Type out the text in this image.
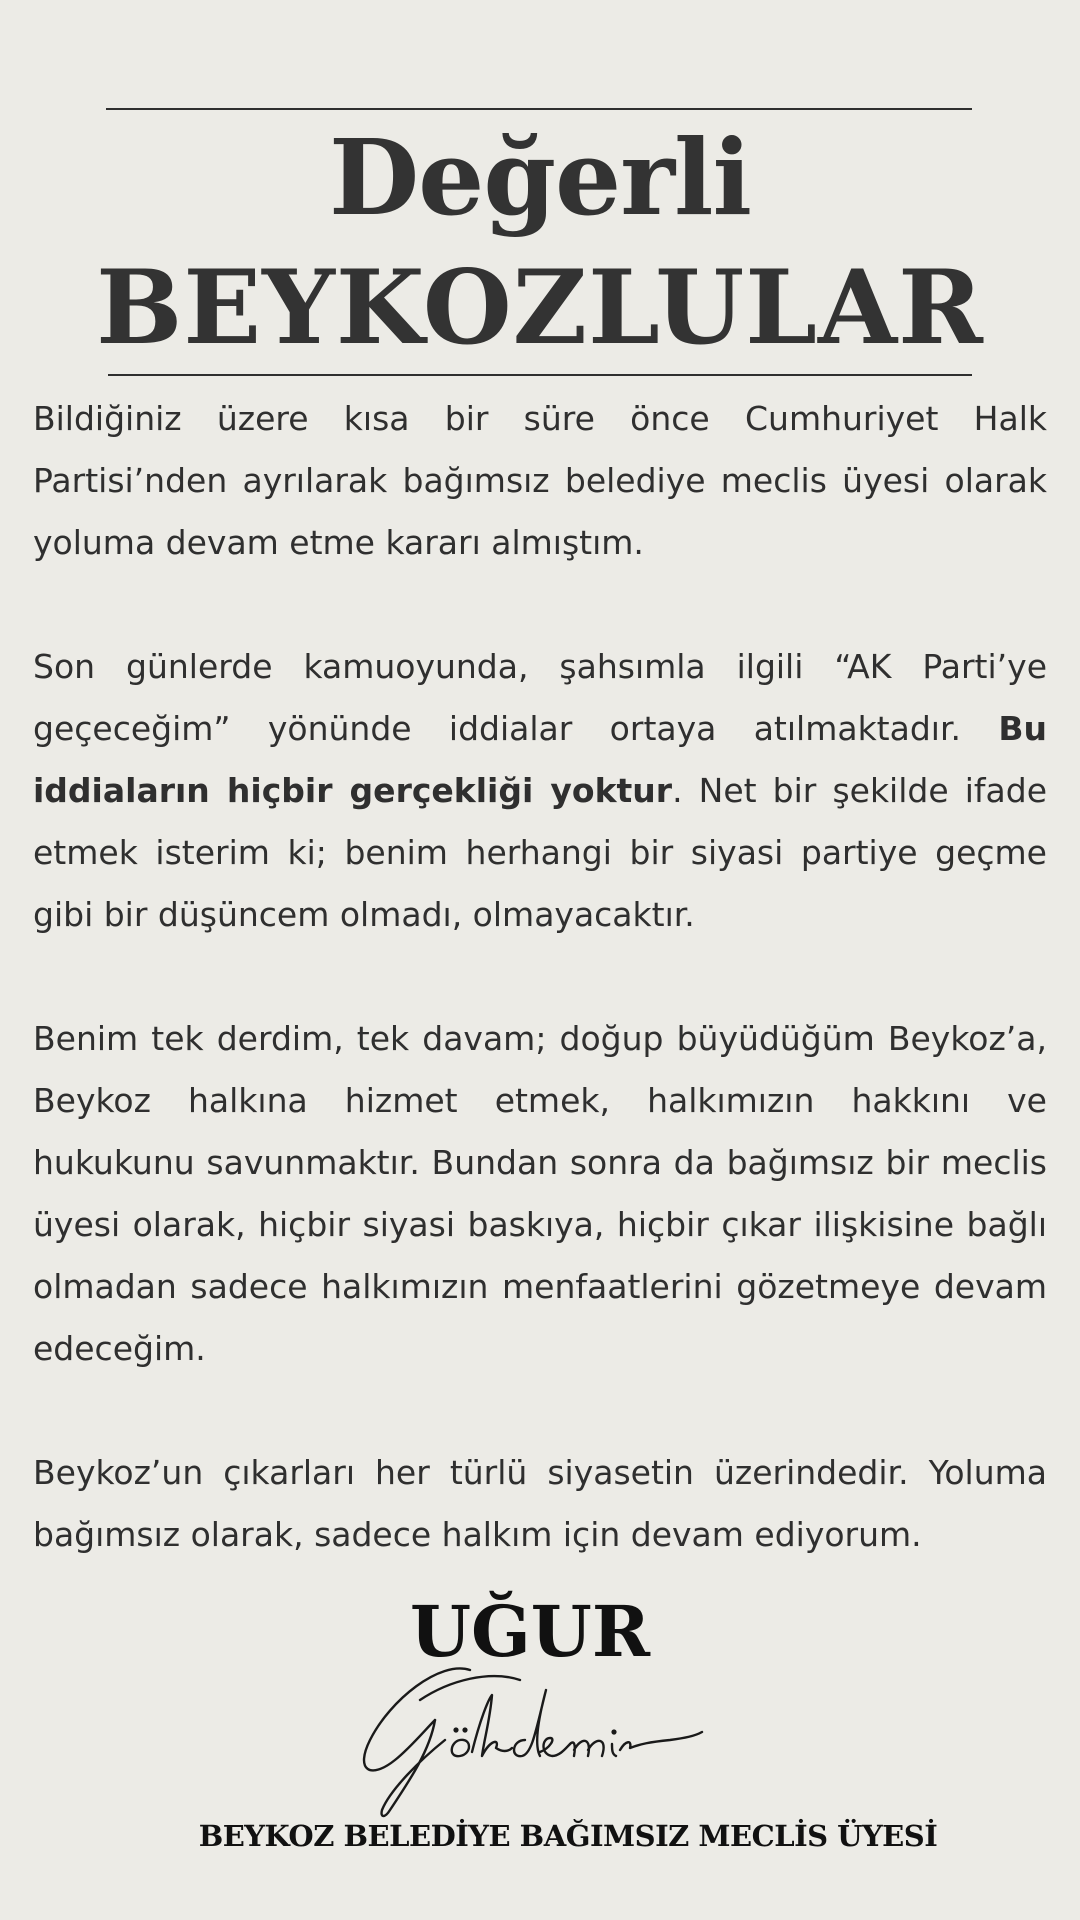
Değerli
BEYKOZLULAR

Bildiğiniz üzere kısa bir süre önce Cumhuriyet Halk Partisi’nden ayrılarak bağımsız belediye meclis üyesi olarak yoluma devam etme kararı almıştım.

Son günlerde kamuoyunda, şahsımla ilgili “AK Parti’ye geçeceğim” yönünde iddialar ortaya atılmaktadır. Bu iddiaların hiçbir gerçekliği yoktur. Net bir şekilde ifade etmek isterim ki; benim herhangi bir siyasi partiye geçme gibi bir düşüncem olmadı, olmayacaktır.

Benim tek derdim, tek davam; doğup büyüdüğüm Beykoz’a, Beykoz halkına hizmet etmek, halkımızın hakkını ve hukukunu savunmaktır. Bundan sonra da bağımsız bir meclis üyesi olarak, hiçbir siyasi baskıya, hiçbir çıkar ilişkisine bağlı olmadan sadece halkımızın menfaatlerini gözetmeye devam edeceğim.

Beykoz’un çıkarları her türlü siyasetin üzerindedir. Yoluma bağımsız olarak, sadece halkım için devam ediyorum.

UĞUR
BEYKOZ BELEDİYE BAĞIMSIZ MECLİS ÜYESİ
